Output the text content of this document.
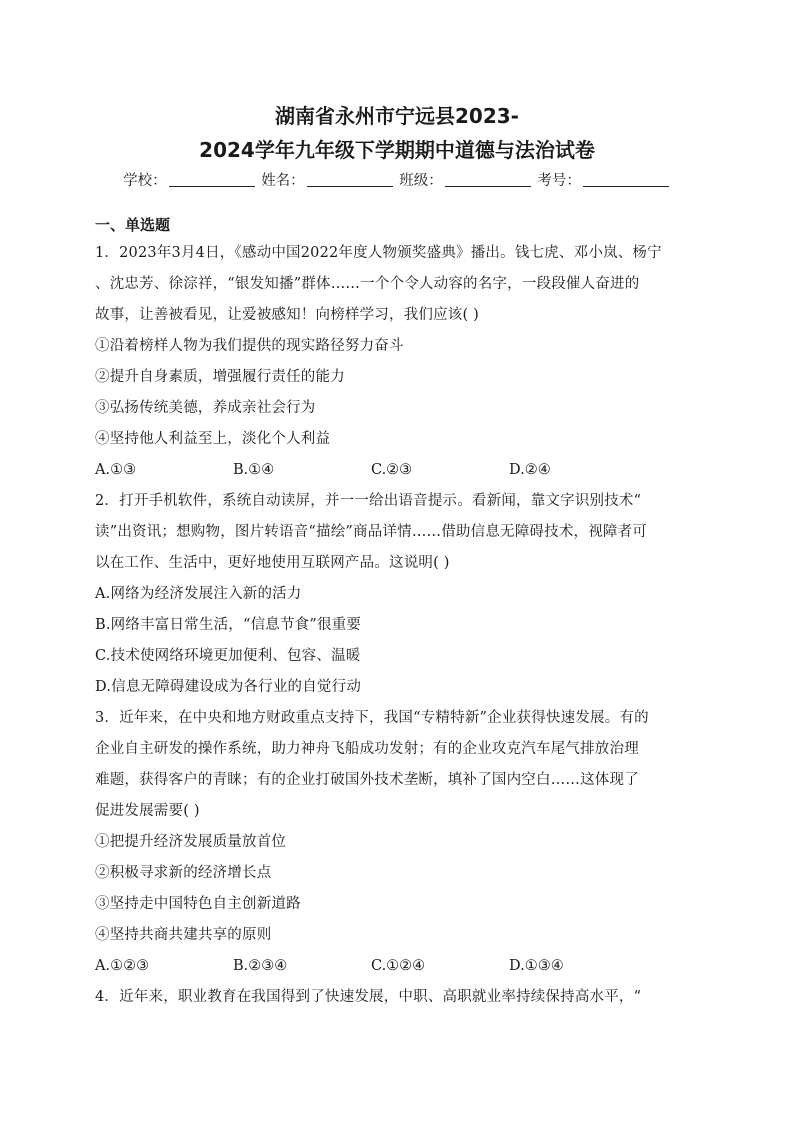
湖南省永州市宁远县2023-
2024学年九年级下学期期中道德与法治试卷
学校：	姓名：	班级：	考号：
一、单选题
1．2023年3月4日，《感动中国2022年度人物颁奖盛典》播出。钱七虎、邓小岚、杨宁
、沈忠芳、徐淙祥，“银发知播”群体……一个个令人动容的名字，一段段催人奋进的
故事，让善被看见，让爱被感知！向榜样学习，我们应该( )
①沿着榜样人物为我们提供的现实路径努力奋斗
②提升自身素质，增强履行责任的能力
③弘扬传统美德，养成亲社会行为
④坚持他人利益至上，淡化个人利益
A.①③	B.①④	C.②③	D.②④
2．打开手机软件，系统自动读屏，并一一给出语音提示。看新闻，靠文字识别技术“
读”出资讯；想购物，图片转语音“描绘”商品详情……借助信息无障碍技术，视障者可
以在工作、生活中，更好地使用互联网产品。这说明( )
A.网络为经济发展注入新的活力
B.网络丰富日常生活，“信息节食”很重要
C.技术使网络环境更加便利、包容、温暖
D.信息无障碍建设成为各行业的自觉行动
3．近年来，在中央和地方财政重点支持下，我国“专精特新”企业获得快速发展。有的
企业自主研发的操作系统，助力神舟飞船成功发射；有的企业攻克汽车尾气排放治理
难题，获得客户的青睐；有的企业打破国外技术垄断，填补了国内空白……这体现了
促进发展需要( )
①把提升经济发展质量放首位
②积极寻求新的经济增长点
③坚持走中国特色自主创新道路
④坚持共商共建共享的原则
A.①②③	B.②③④	C.①②④	D.①③④
4．近年来，职业教育在我国得到了快速发展，中职、高职就业率持续保持高水平，“
